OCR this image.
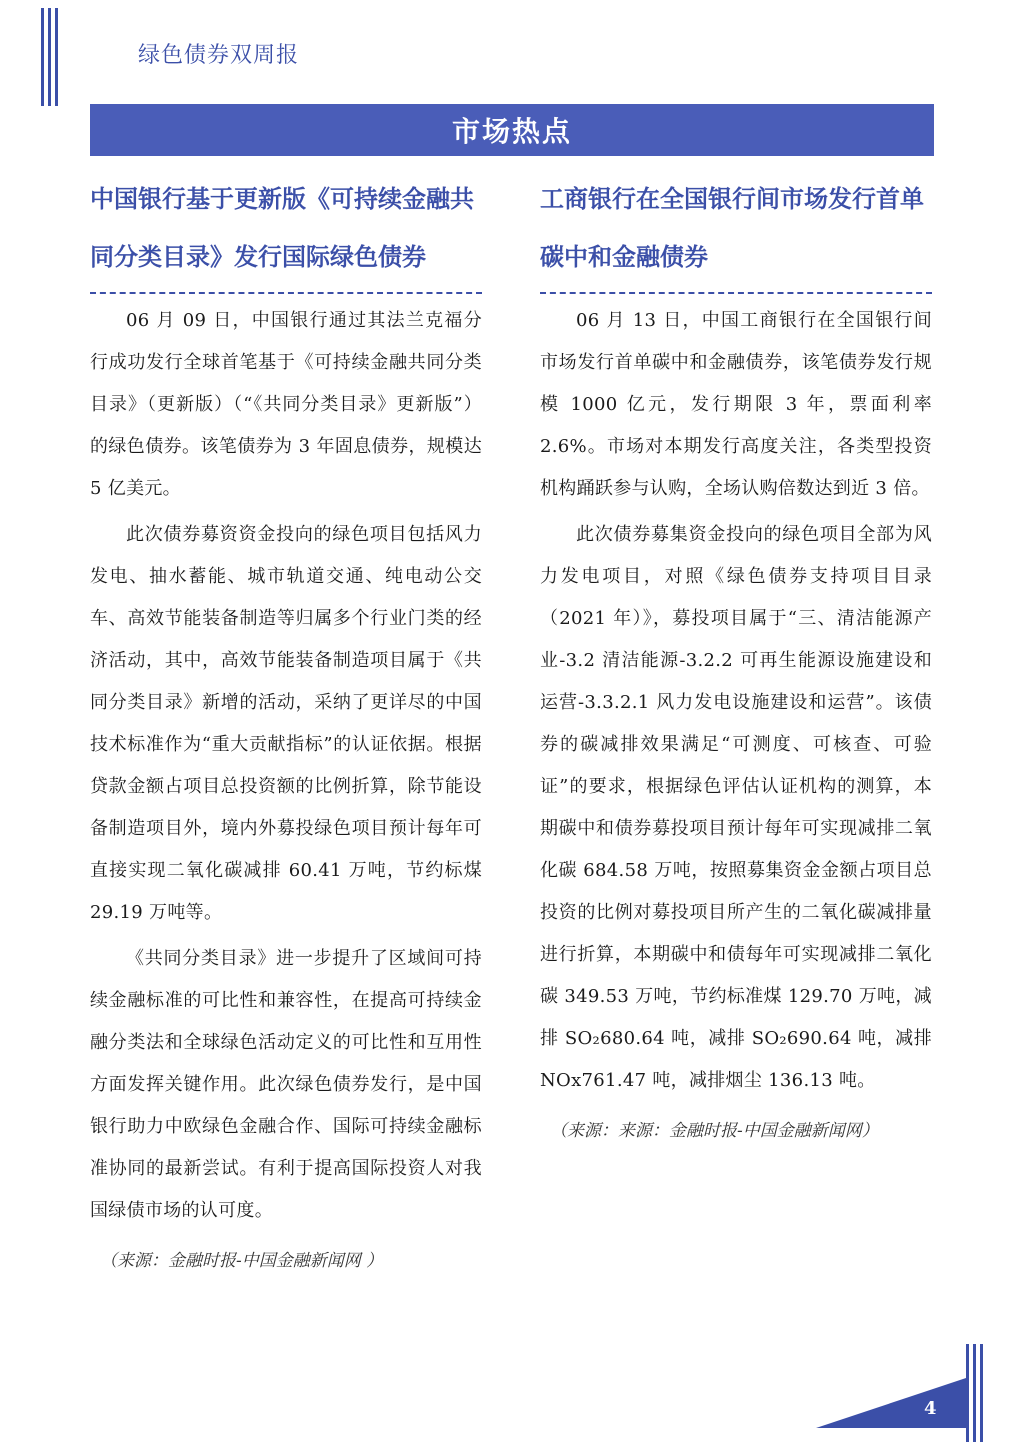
绿色债券双周报
市场热点
中国银行基于更新版《可持续金融共同分类目录》发行国际绿色债券

06 月 09 日，中国银行通过其法兰克福分行成功发行全球首笔基于《可持续金融共同分类目录》（更新版）（“《共同分类目录》更新版”）的绿色债券。该笔债券为 3 年固息债券，规模达 5 亿美元。

此次债券募资资金投向的绿色项目包括风力发电、抽水蓄能、城市轨道交通、纯电动公交车、高效节能装备制造等归属多个行业门类的经济活动，其中，高效节能装备制造项目属于《共同分类目录》新增的活动，采纳了更详尽的中国技术标准作为“重大贡献指标”的认证依据。根据贷款金额占项目总投资额的比例折算，除节能设备制造项目外，境内外募投绿色项目预计每年可直接实现二氧化碳减排 60.41 万吨，节约标煤 29.19 万吨等。

《共同分类目录》进一步提升了区域间可持续金融标准的可比性和兼容性，在提高可持续金融分类法和全球绿色活动定义的可比性和互用性方面发挥关键作用。此次绿色债券发行，是中国银行助力中欧绿色金融合作、国际可持续金融标准协同的最新尝试。有利于提高国际投资人对我国绿债市场的认可度。

（来源：金融时报-中国金融新闻网 ）
工商银行在全国银行间市场发行首单碳中和金融债券

06 月 13 日，中国工商银行在全国银行间市场发行首单碳中和金融债券，该笔债券发行规模 1000 亿元，发行期限 3 年，票面利率 2.6%。市场对本期发行高度关注，各类型投资机构踊跃参与认购，全场认购倍数达到近 3 倍。

此次债券募集资金投向的绿色项目全部为风力发电项目，对照《绿色债券支持项目目录（2021 年）》，募投项目属于“三、清洁能源产业-3.2 清洁能源-3.2.2 可再生能源设施建设和运营-3.3.2.1 风力发电设施建设和运营”。该债券的碳减排效果满足“可测度、可核查、可验证”的要求，根据绿色评估认证机构的测算，本期碳中和债券募投项目预计每年可实现减排二氧化碳 684.58 万吨，按照募集资金金额占项目总投资的比例对募投项目所产生的二氧化碳减排量进行折算，本期碳中和债每年可实现减排二氧化碳 349.53 万吨，节约标准煤 129.70 万吨，减排 SO₂680.64 吨，减排 SO₂690.64 吨，减排 NOx761.47 吨，减排烟尘 136.13 吨。

（来源：来源：金融时报-中国金融新闻网）
4
